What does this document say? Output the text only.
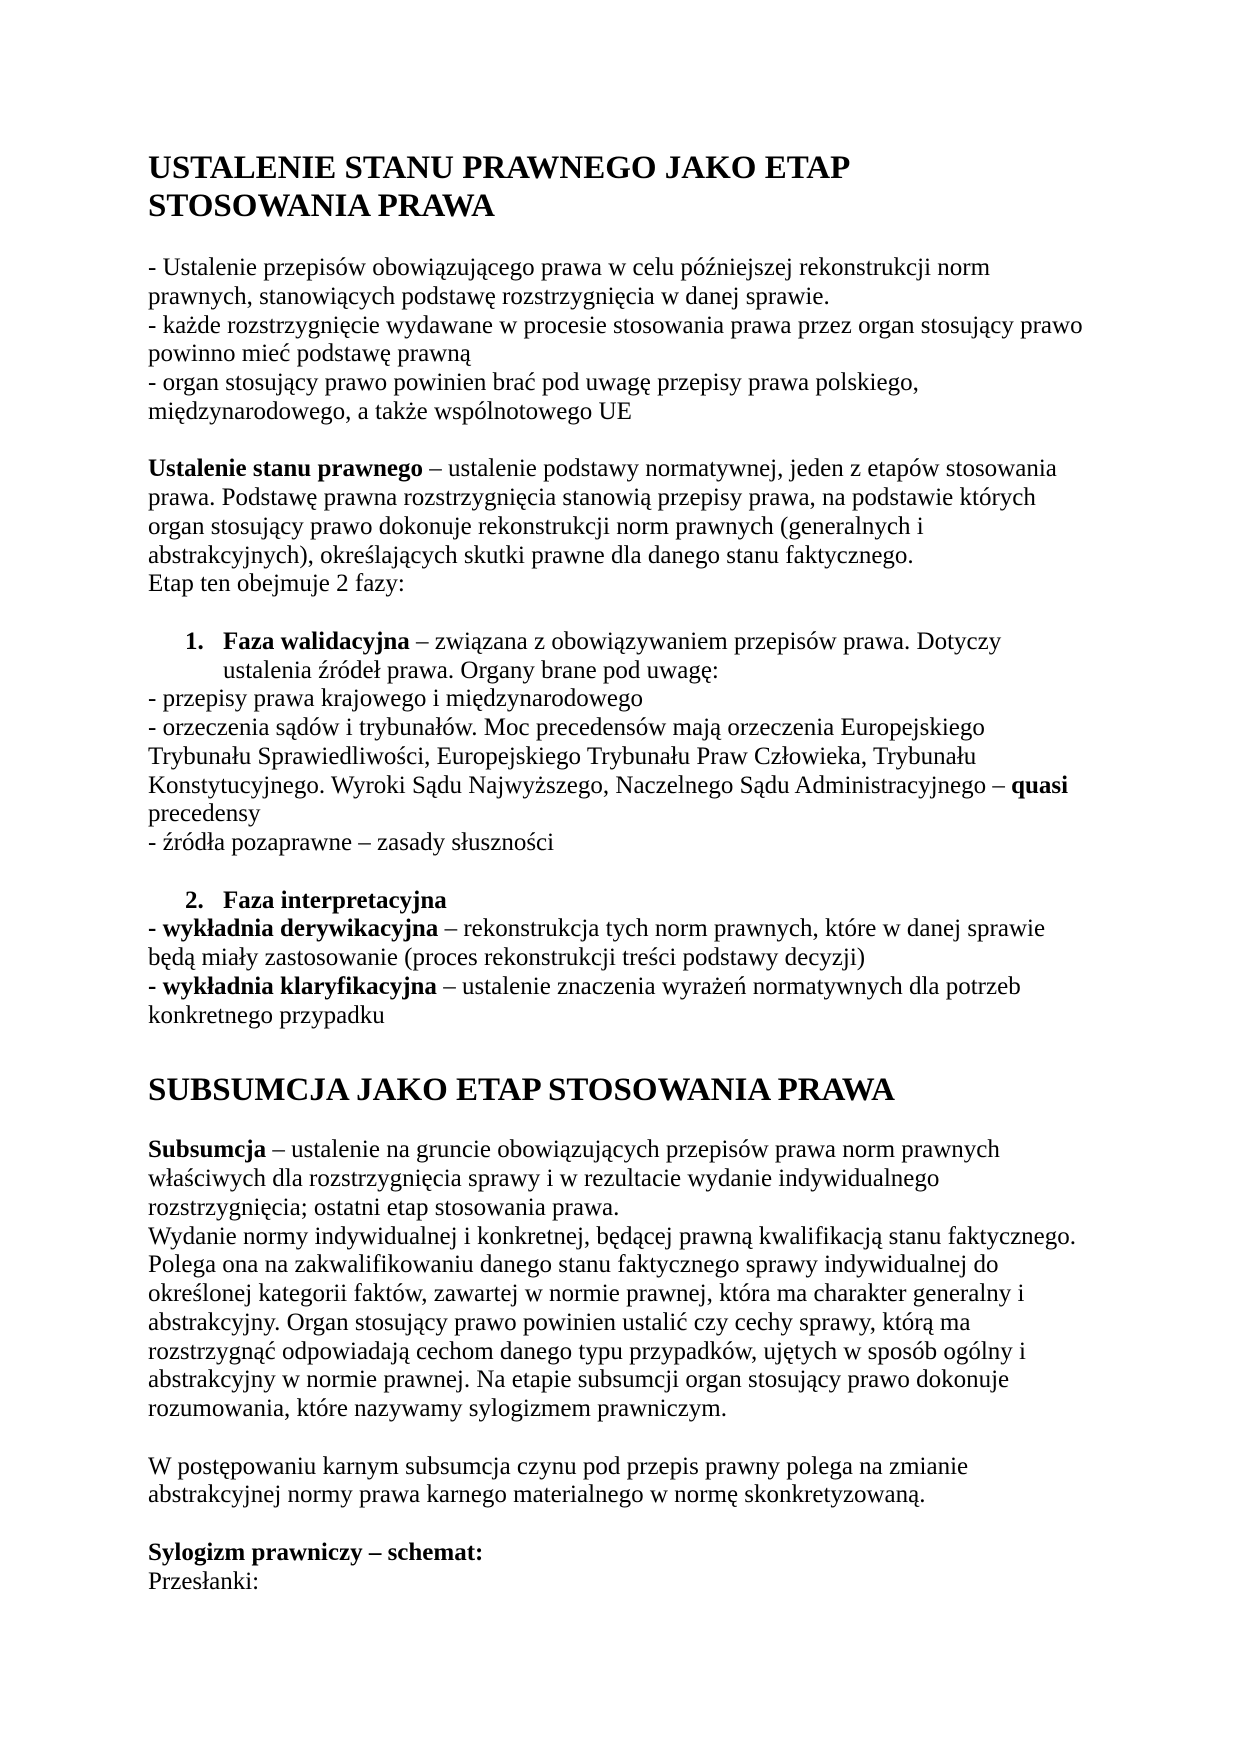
USTALENIE STANU PRAWNEGO JAKO ETAP
STOSOWANIA PRAWA
- Ustalenie przepisów obowiązującego prawa w celu późniejszej rekonstrukcji norm
prawnych, stanowiących podstawę rozstrzygnięcia w danej sprawie.
- każde rozstrzygnięcie wydawane w procesie stosowania prawa przez organ stosujący prawo
powinno mieć podstawę prawną
- organ stosujący prawo powinien brać pod uwagę przepisy prawa polskiego,
międzynarodowego, a także wspólnotowego UE
Ustalenie stanu prawnego – ustalenie podstawy normatywnej, jeden z etapów stosowania
prawa. Podstawę prawna rozstrzygnięcia stanowią przepisy prawa, na podstawie których
organ stosujący prawo dokonuje rekonstrukcji norm prawnych (generalnych i
abstrakcyjnych), określających skutki prawne dla danego stanu faktycznego.
Etap ten obejmuje 2 fazy:
1. Faza walidacyjna – związana z obowiązywaniem przepisów prawa. Dotyczy
ustalenia źródeł prawa. Organy brane pod uwagę:
- przepisy prawa krajowego i międzynarodowego
- orzeczenia sądów i trybunałów. Moc precedensów mają orzeczenia Europejskiego
Trybunału Sprawiedliwości, Europejskiego Trybunału Praw Człowieka, Trybunału
Konstytucyjnego. Wyroki Sądu Najwyższego, Naczelnego Sądu Administracyjnego – quasi
precedensy
- źródła pozaprawne – zasady słuszności
2. Faza interpretacyjna
- wykładnia derywikacyjna – rekonstrukcja tych norm prawnych, które w danej sprawie
będą miały zastosowanie (proces rekonstrukcji treści podstawy decyzji)
- wykładnia klaryfikacyjna – ustalenie znaczenia wyrażeń normatywnych dla potrzeb
konkretnego przypadku
SUBSUMCJA JAKO ETAP STOSOWANIA PRAWA
Subsumcja – ustalenie na gruncie obowiązujących przepisów prawa norm prawnych
właściwych dla rozstrzygnięcia sprawy i w rezultacie wydanie indywidualnego
rozstrzygnięcia; ostatni etap stosowania prawa.
Wydanie normy indywidualnej i konkretnej, będącej prawną kwalifikacją stanu faktycznego.
Polega ona na zakwalifikowaniu danego stanu faktycznego sprawy indywidualnej do
określonej kategorii faktów, zawartej w normie prawnej, która ma charakter generalny i
abstrakcyjny. Organ stosujący prawo powinien ustalić czy cechy sprawy, którą ma
rozstrzygnąć odpowiadają cechom danego typu przypadków, ujętych w sposób ogólny i
abstrakcyjny w normie prawnej. Na etapie subsumcji organ stosujący prawo dokonuje
rozumowania, które nazywamy sylogizmem prawniczym.
W postępowaniu karnym subsumcja czynu pod przepis prawny polega na zmianie
abstrakcyjnej normy prawa karnego materialnego w normę skonkretyzowaną.
Sylogizm prawniczy – schemat:
Przesłanki:
